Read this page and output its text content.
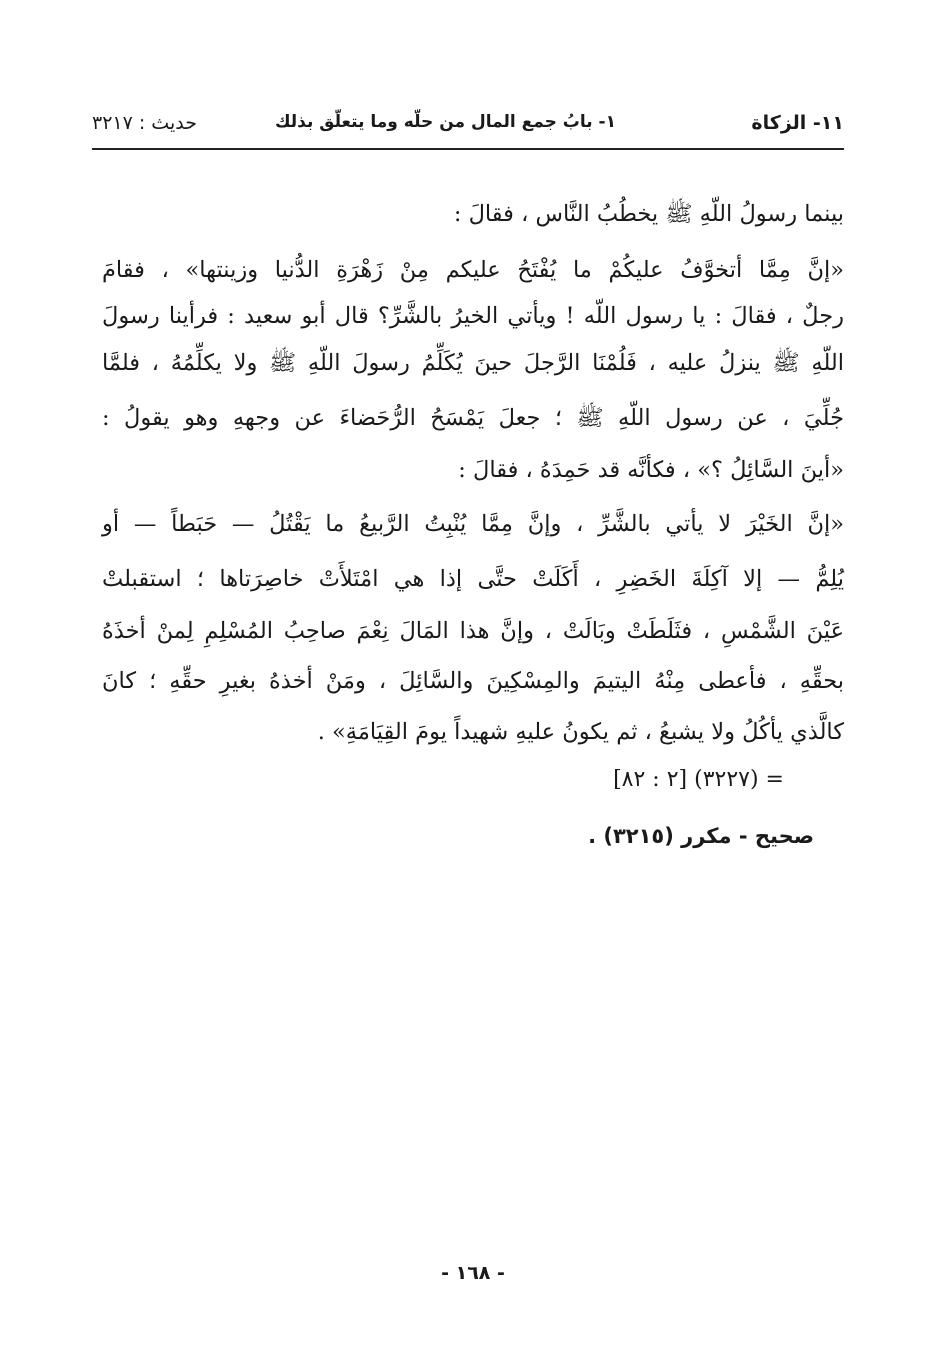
١١- الزكاة
١- بابُ جمع المال من حلّه وما يتعلّق بذلك
حديث : ٣٢١٧
بينما رسولُ اللّهِ ﷺ يخطُبُ النَّاس ، فقالَ :
«إنَّ مِمَّا أتخوَّفُ عليكُمْ ما يُفْتَحُ عليكم مِنْ زَهْرَةِ الدُّنيا وزينتها» ، فقامَ
رجلٌ ، فقالَ : يا رسول اللّه ! ويأتي الخيرُ بالشَّرِّ؟ قال أبو سعيد : فرأينا رسولَ
اللّهِ ﷺ ينزلُ عليه ، فَلُمْنَا الرَّجلَ حينَ يُكَلِّمُ رسولَ اللّهِ ﷺ ولا يكلِّمُهُ ، فلمَّا
جُلِّيَ ، عن رسول اللّهِ ﷺ ؛ جعلَ يَمْسَحُ الرُّحَضاءَ عن وجههِ وهو يقولُ :
«أينَ السَّائِلُ ؟» ، فكأنَّه قد حَمِدَهُ ، فقالَ :
«إنَّ الخَيْرَ لا يأتي بالشَّرِّ ، وإنَّ مِمَّا يُنْبِتُ الرَّبيعُ ما يَقْتُلُ — حَبَطاً — أو
يُلِمُّ — إلا آكِلَةَ الخَضِرِ ، أَكَلَتْ حتَّى إذا هي امْتَلأَتْ خاصِرَتاها ؛ استقبلتْ
عَيْنَ الشَّمْسِ ، فثَلَطَتْ وبَالَتْ ، وإنَّ هذا المَالَ نِعْمَ صاحِبُ المُسْلِمِ لِمنْ أخذَهُ
بحقِّهِ ، فأعطى مِنْهُ اليتيمَ والمِسْكِينَ والسَّائِلَ ، ومَنْ أخذهُ بغيرِ حقِّهِ ؛ كانَ
كالَّذي يأكُلُ ولا يشبعُ ، ثم يكونُ عليهِ شهيداً يومَ القِيَامَةِ» .
= (٣٢٢٧) [٢ : ٨٢]
صحيح - مكرر (٣٢١٥) .
- ١٦٨ -
